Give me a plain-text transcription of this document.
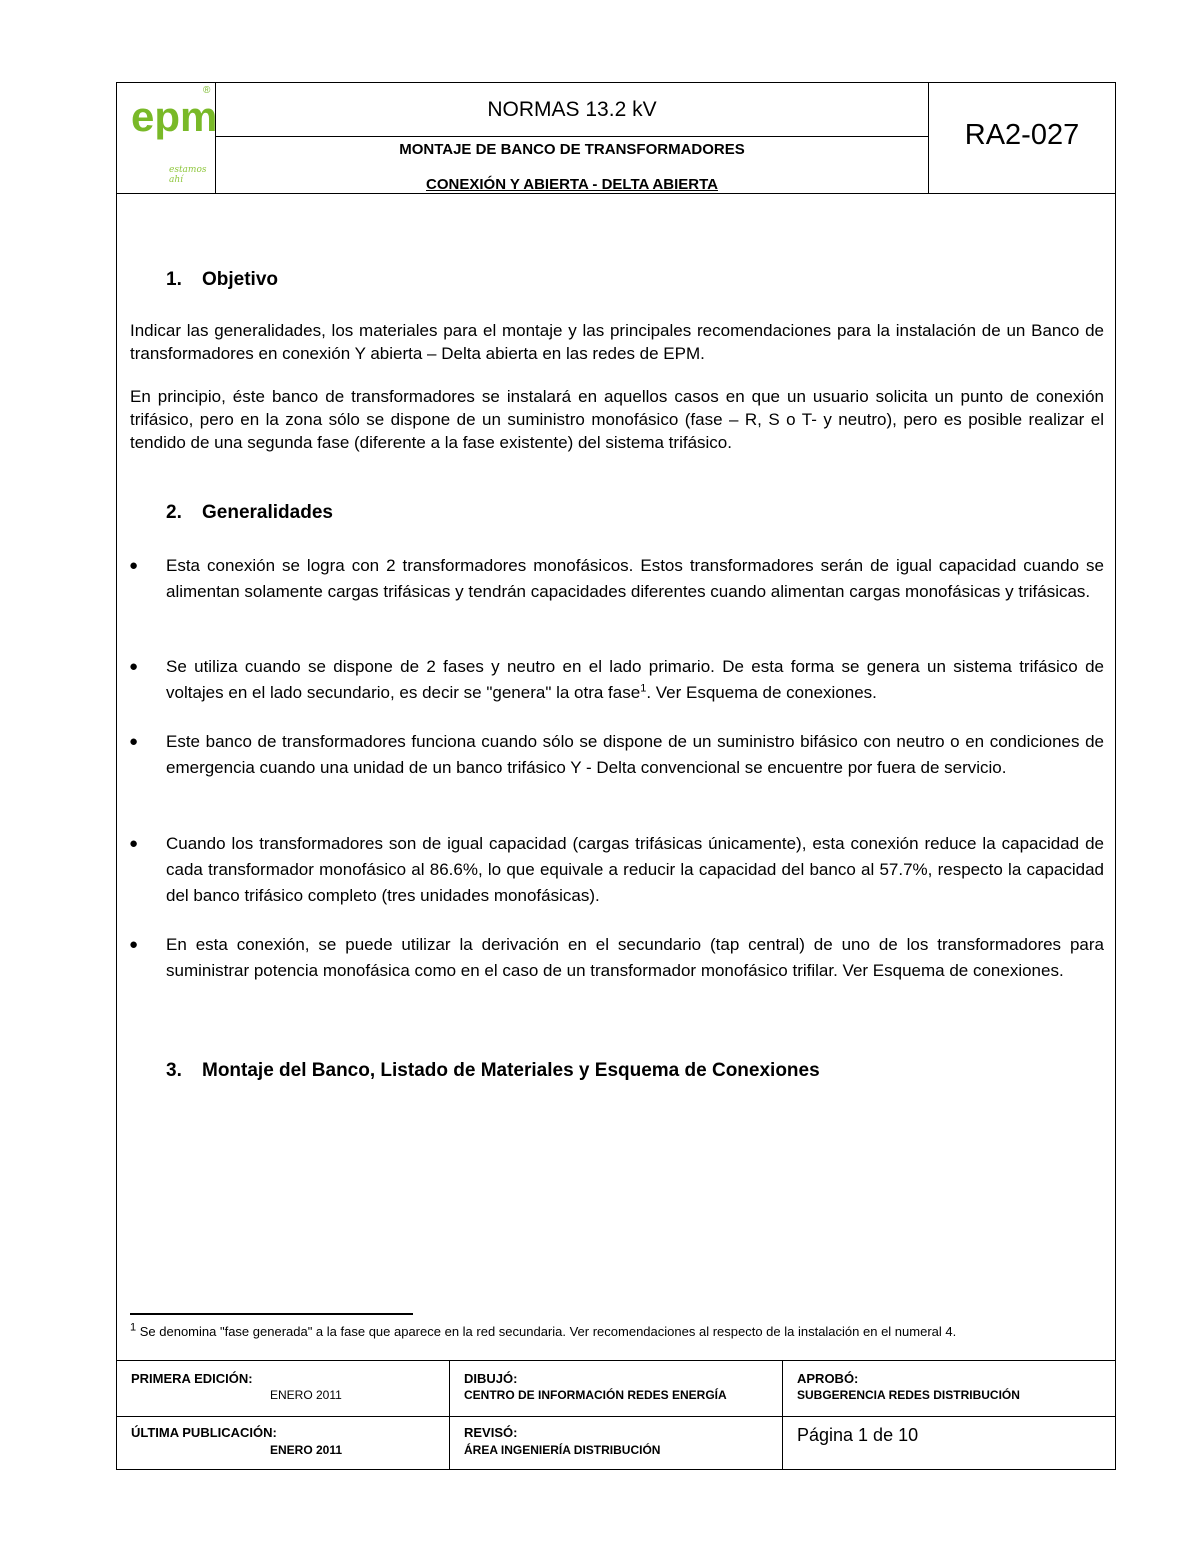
epm
®
estamos ahí
NORMAS 13.2 kV
MONTAJE DE BANCO DE TRANSFORMADORES
CONEXIÓN Y ABIERTA - DELTA ABIERTA
RA2-027
1. Objetivo

Indicar las generalidades, los materiales para el montaje y las principales recomendaciones para la instalación de un Banco de transformadores en conexión Y abierta – Delta abierta en las redes de EPM.

En principio, éste banco de transformadores se instalará en aquellos casos en que un usuario solicita un punto de conexión trifásico, pero en la zona sólo se dispone de un suministro monofásico (fase – R, S o T- y neutro), pero es posible realizar el tendido de una segunda fase (diferente a la fase existente) del sistema trifásico.

2. Generalidades
● Esta conexión se logra con 2 transformadores monofásicos. Estos transformadores serán de igual capacidad cuando se alimentan solamente cargas trifásicas y tendrán capacidades diferentes cuando alimentan cargas monofásicas y trifásicas.

● Se utiliza cuando se dispone de 2 fases y neutro en el lado primario. De esta forma se genera un sistema trifásico de voltajes en el lado secundario, es decir se "genera" la otra fase$^1$. Ver Esquema de conexiones.

● Este banco de transformadores funciona cuando sólo se dispone de un suministro bifásico con neutro o en condiciones de emergencia cuando una unidad de un banco trifásico Y - Delta convencional se encuentre por fuera de servicio.

● Cuando los transformadores son de igual capacidad (cargas trifásicas únicamente), esta conexión reduce la capacidad de cada transformador monofásico al 86.6%, lo que equivale a reducir la capacidad del banco al 57.7%, respecto la capacidad del banco trifásico completo (tres unidades monofásicas).

● En esta conexión, se puede utilizar la derivación en el secundario (tap central) de uno de los transformadores para suministrar potencia monofásica como en el caso de un transformador monofásico trifilar. Ver Esquema de conexiones.

3. Montaje del Banco, Listado de Materiales y Esquema de Conexiones

$^1$ Se denomina "fase generada" a la fase que aparece en la red secundaria. Ver recomendaciones al respecto de la instalación en el numeral 4.

PRIMERA EDICIÓN:
ENERO 2011
DIBUJÓ:
CENTRO DE INFORMACIÓN REDES ENERGÍA
APROBÓ:
SUBGERENCIA REDES DISTRIBUCIÓN
ÚLTIMA PUBLICACIÓN:
ENERO 2011
REVISÓ:
ÁREA INGENIERÍA DISTRIBUCIÓN
Página 1 de 10
